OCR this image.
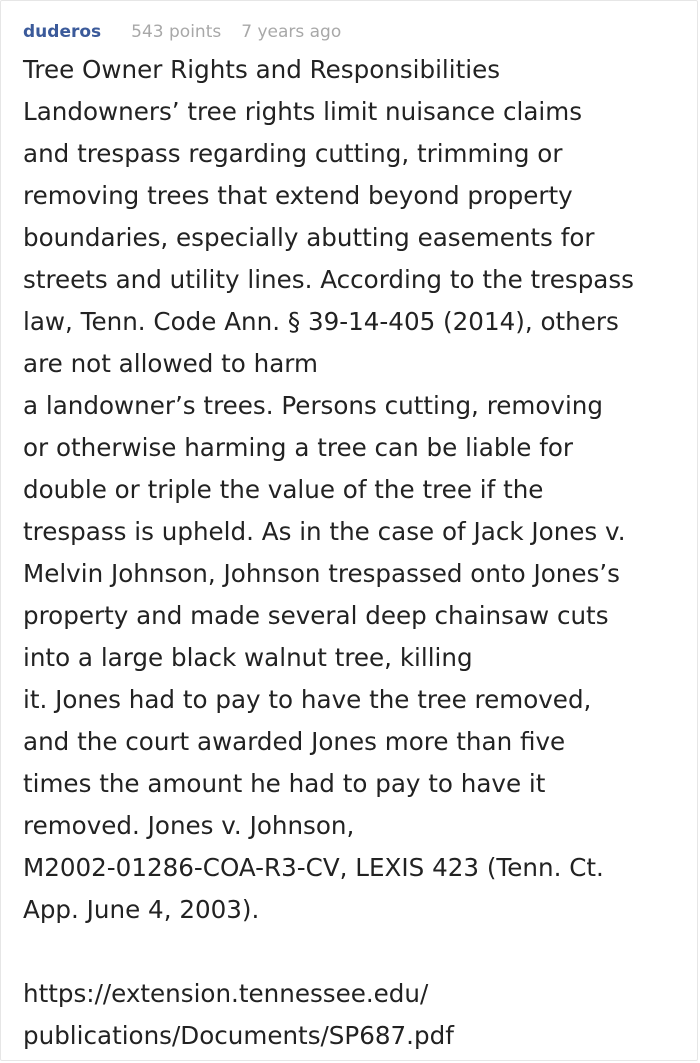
duderos 543 points 7 years ago
Tree Owner Rights and Responsibilities
Landowners’ tree rights limit nuisance claims
and trespass regarding cutting, trimming or
removing trees that extend beyond property
boundaries, especially abutting easements for
streets and utility lines. According to the trespass
law, Tenn. Code Ann. § 39-14-405 (2014), others
are not allowed to harm
a landowner’s trees. Persons cutting, removing
or otherwise harming a tree can be liable for
double or triple the value of the tree if the
trespass is upheld. As in the case of Jack Jones v.
Melvin Johnson, Johnson trespassed onto Jones’s
property and made several deep chainsaw cuts
into a large black walnut tree, killing
it. Jones had to pay to have the tree removed,
and the court awarded Jones more than five
times the amount he had to pay to have it
removed. Jones v. Johnson,
M2002-01286-COA-R3-CV, LEXIS 423 (Tenn. Ct.
App. June 4, 2003).
https://extension.tennessee.edu/
publications/Documents/SP687.pdf
